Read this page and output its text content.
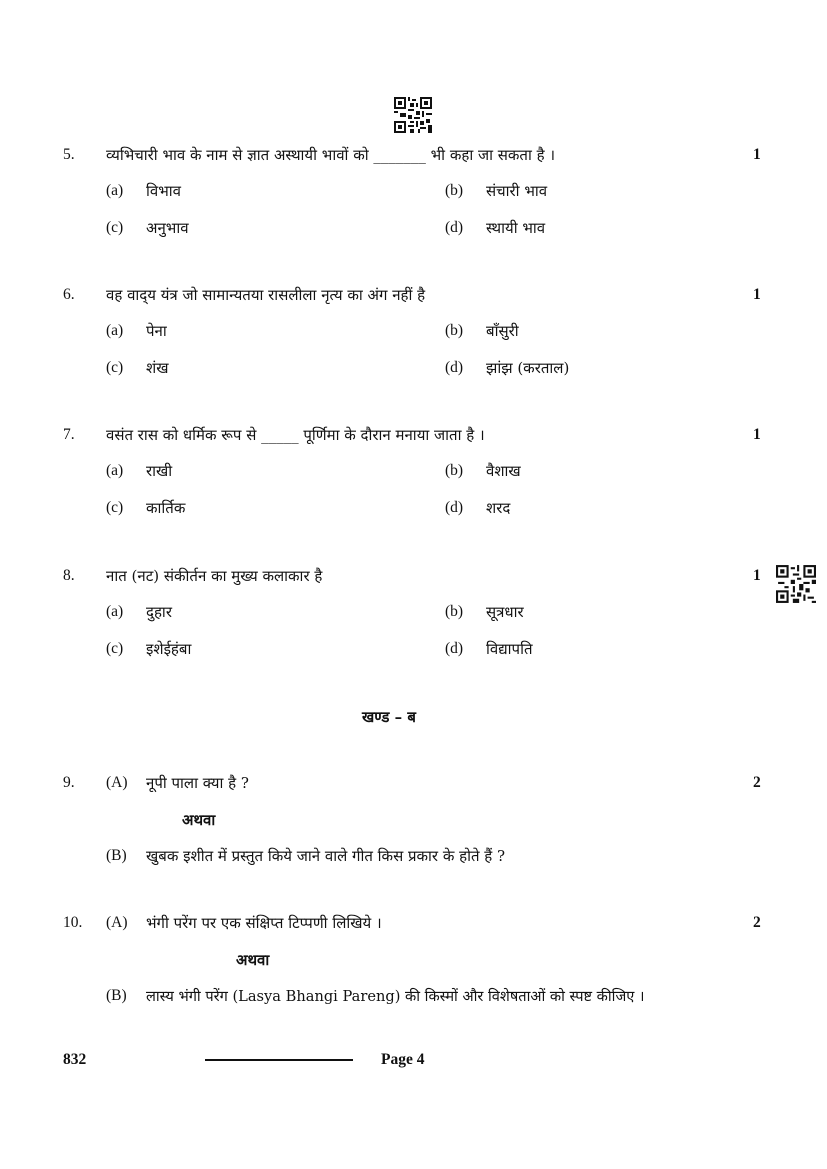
5. व्यभिचारी भाव के नाम से ज्ञात अस्थायी भावों को _______ भी कहा जा सकता है ।	1
(a) विभाव	(b) संचारी भाव
(c) अनुभाव	(d) स्थायी भाव
6. वह वाद्‌य यंत्र जो सामान्यतया रासलीला नृत्य का अंग नहीं है	1
(a) पेना	(b) बाँसुरी
(c) शंख	(d) झांझ (करताल)
7. वसंत रास को धर्मिक रूप से _____ पूर्णिमा के दौरान मनाया जाता है ।	1
(a) राखी	(b) वैशाख
(c) कार्तिक	(d) शरद
8. नात (नट) संकीर्तन का मुख्य कलाकार है	1
(a) दुहार	(b) सूत्रधार
(c) इशेईहंबा	(d) विद्यापति
खण्ड – ब
9. (A) नूपी पाला क्या है ?	2
अथवा
(B) खुबक इशीत में प्रस्तुत किये जाने वाले गीत किस प्रकार के होते हैं ?
10. (A) भंगी परेंग पर एक संक्षिप्त टिप्पणी लिखिये ।	2
अथवा
(B) लास्य भंगी परेंग (Lasya Bhangi Pareng) की किस्मों और विशेषताओं को स्पष्ट कीजिए ।
832	Page 4
